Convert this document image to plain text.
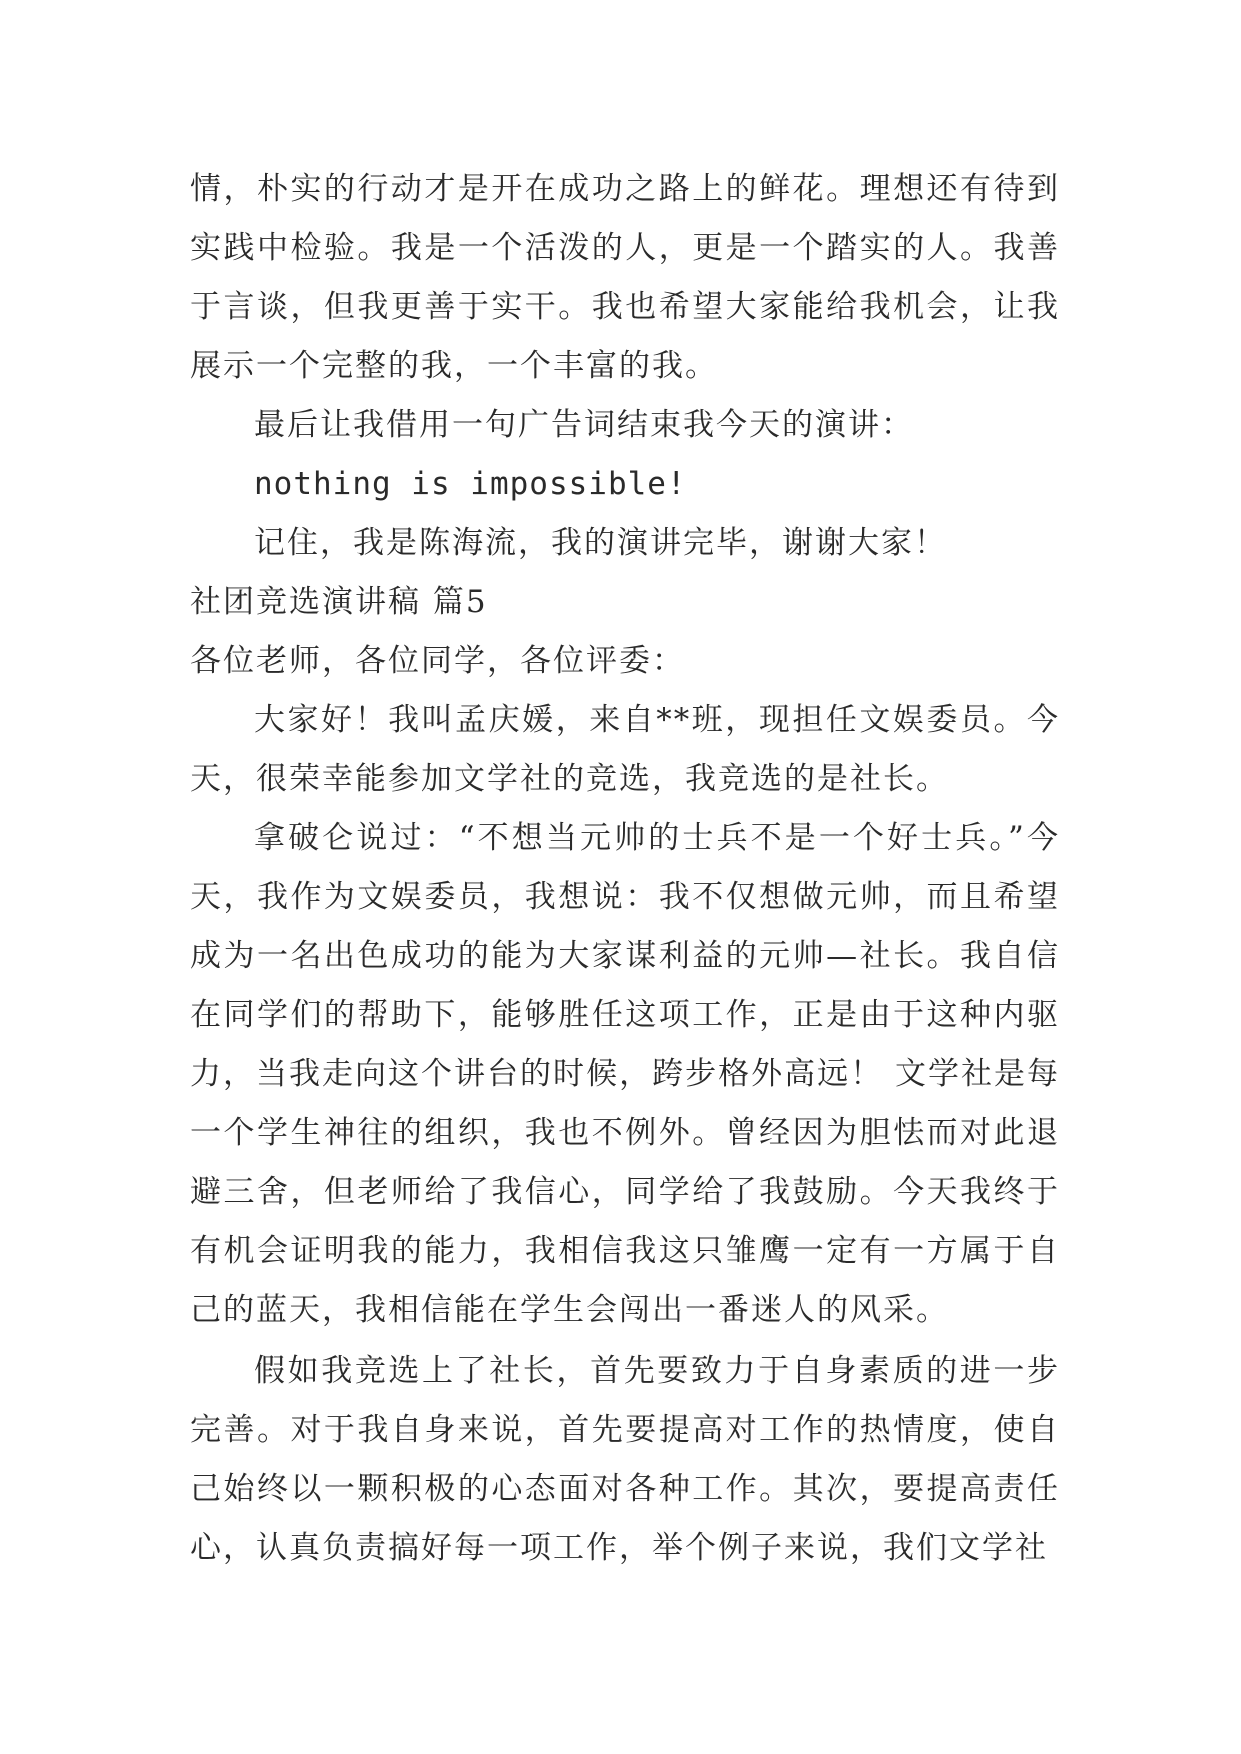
情，朴实的行动才是开在成功之路上的鲜花。理想还有待到实践中检验。我是一个活泼的人，更是一个踏实的人。我善于言谈，但我更善于实干。我也希望大家能给我机会，让我展示一个完整的我，一个丰富的我。

最后让我借用一句广告词结束我今天的演讲：

nothing is impossible!

记住，我是陈海流，我的演讲完毕，谢谢大家！

社团竞选演讲稿 篇5

各位老师，各位同学，各位评委：

大家好！我叫孟庆媛，来自**班，现担任文娱委员。今天，很荣幸能参加文学社的竞选，我竞选的是社长。

拿破仑说过：“不想当元帅的士兵不是一个好士兵。”今天，我作为文娱委员，我想说：我不仅想做元帅，而且希望成为一名出色成功的能为大家谋利益的元帅—社长。我自信在同学们的帮助下，能够胜任这项工作，正是由于这种内驱力，当我走向这个讲台的时候，跨步格外高远！ 文学社是每一个学生神往的组织，我也不例外。曾经因为胆怯而对此退避三舍，但老师给了我信心，同学给了我鼓励。今天我终于有机会证明我的能力，我相信我这只雏鹰一定有一方属于自己的蓝天，我相信能在学生会闯出一番迷人的风采。

假如我竞选上了社长，首先要致力于自身素质的进一步完善。对于我自身来说，首先要提高对工作的热情度，使自己始终以一颗积极的心态面对各种工作。其次，要提高责任心，认真负责搞好每一项工作，举个例子来说，我们文学社
